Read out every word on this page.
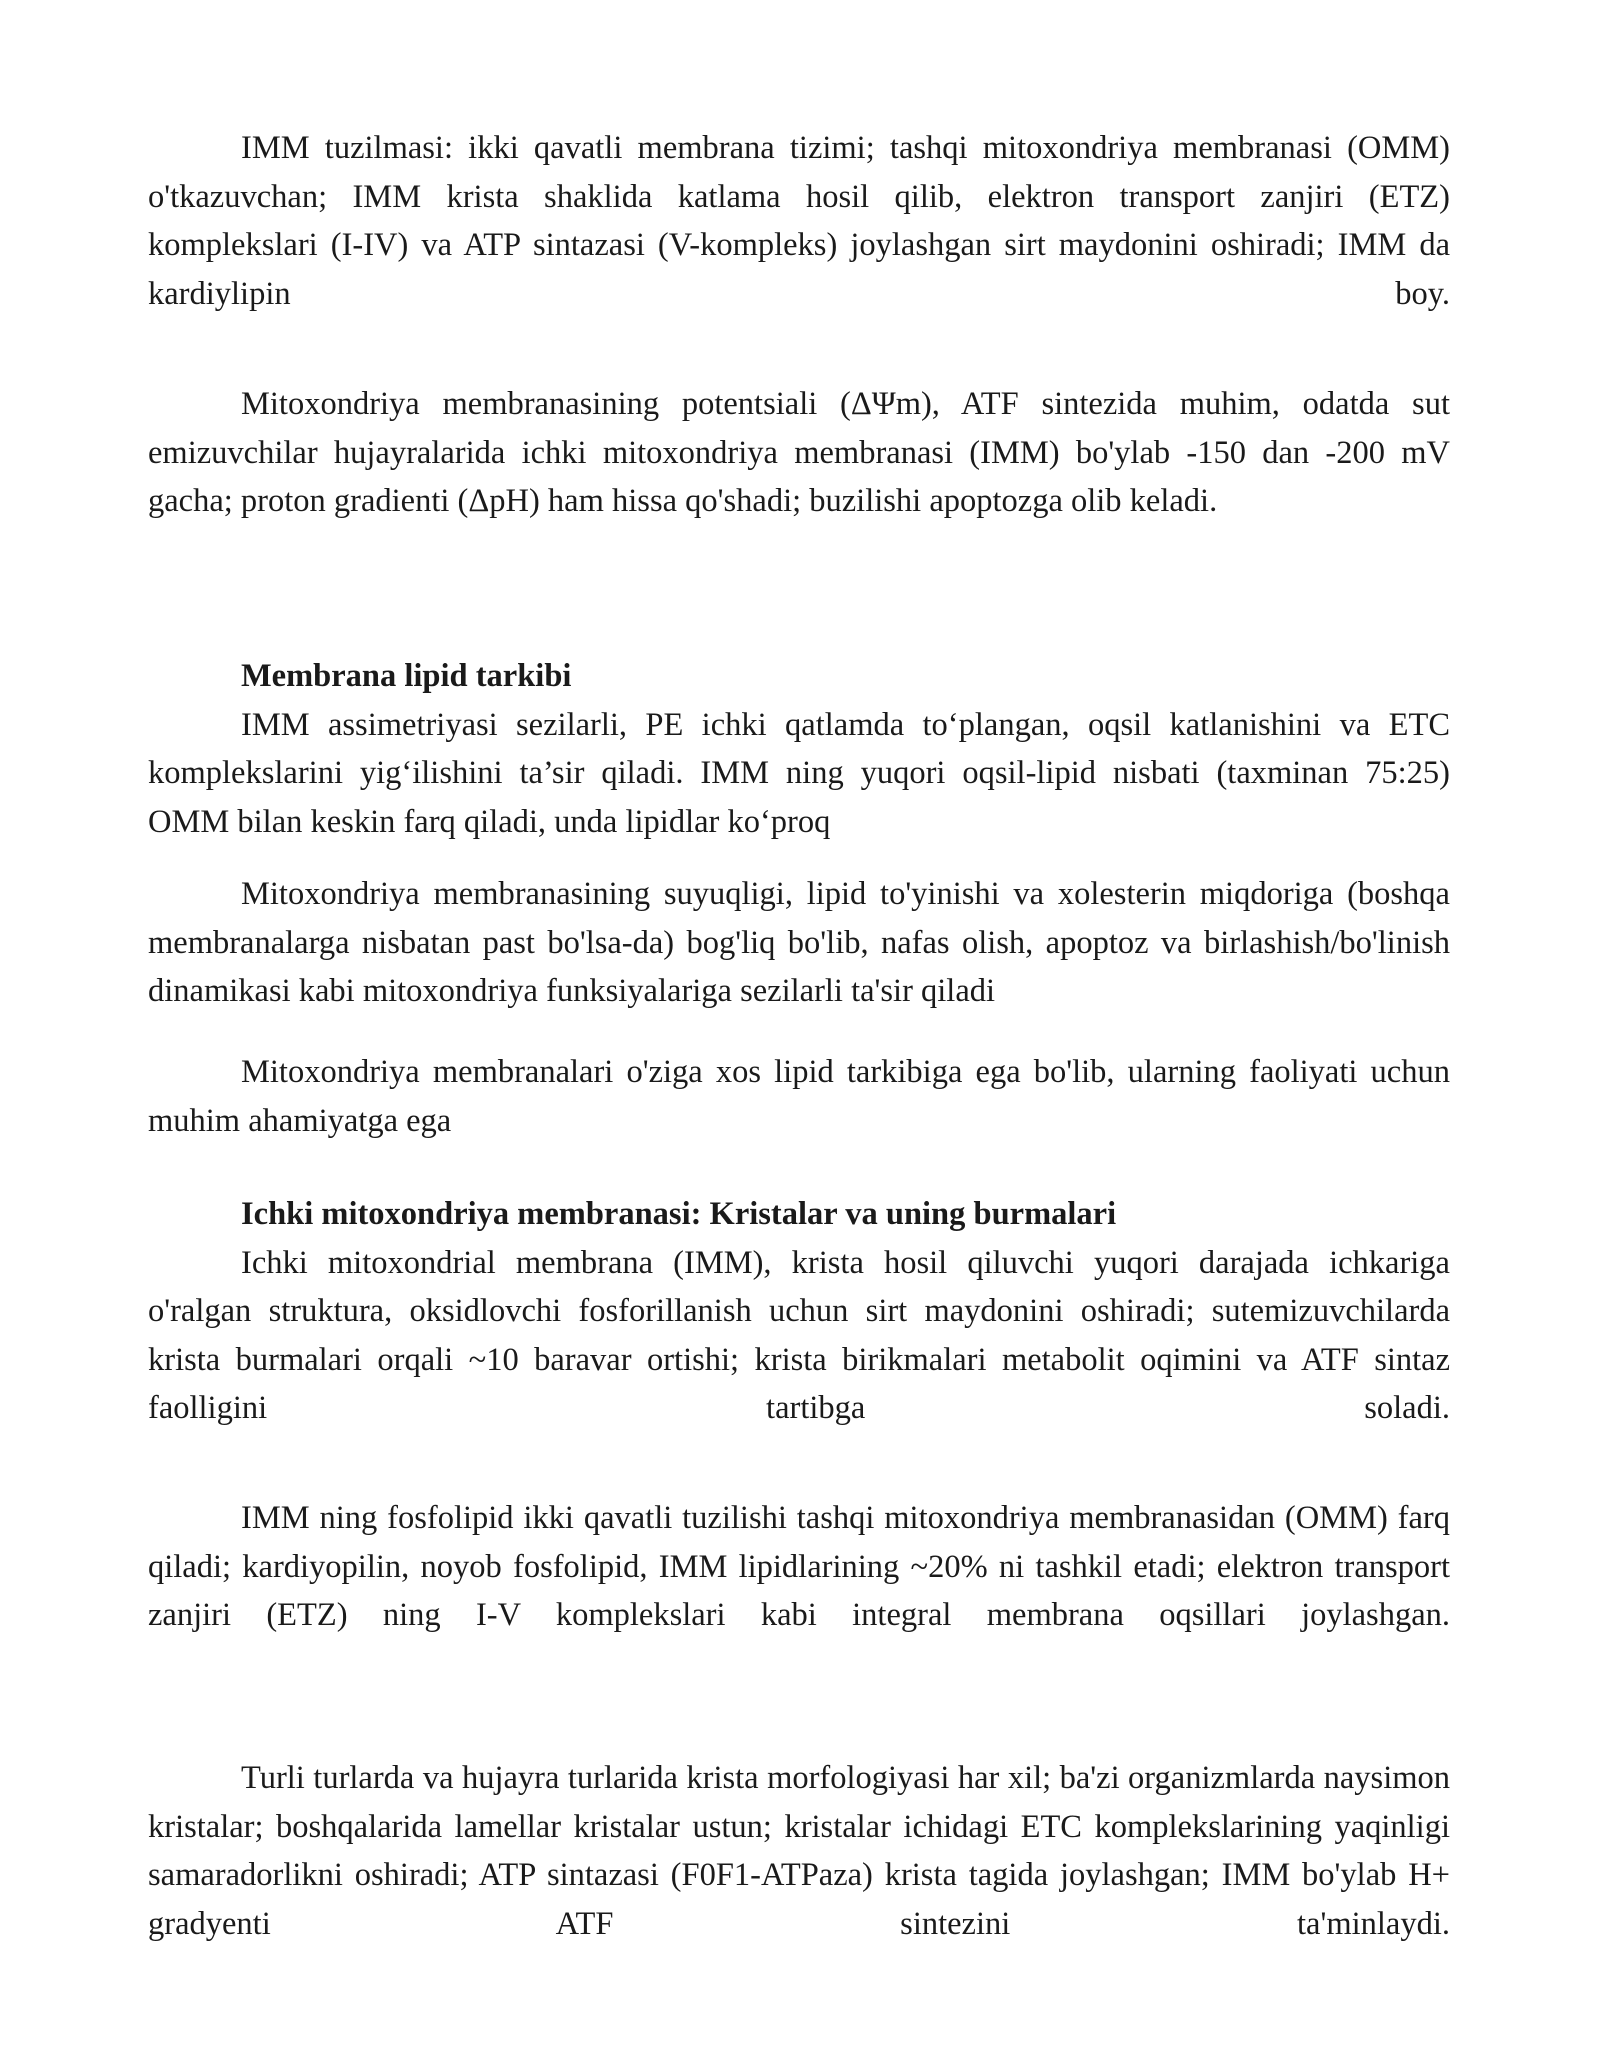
IMM tuzilmasi: ikki qavatli membrana tizimi; tashqi mitoxondriya membranasi (OMM) o'tkazuvchan; IMM krista shaklida katlama hosil qilib, elektron transport zanjiri (ETZ) komplekslari (I-IV) va ATP sintazasi (V-kompleks) joylashgan sirt maydonini oshiradi; IMM da kardiylipin boy.

Mitoxondriya membranasining potentsiali (ΔΨm), ATF sintezida muhim, odatda sut emizuvchilar hujayralarida ichki mitoxondriya membranasi (IMM) bo'ylab -150 dan -200 mV gacha; proton gradienti (ΔpH) ham hissa qo'shadi; buzilishi apoptozga olib keladi.

Membrana lipid tarkibi

IMM assimetriyasi sezilarli, PE ichki qatlamda to‘plangan, oqsil katlanishini va ETC komplekslarini yig‘ilishini ta’sir qiladi. IMM ning yuqori oqsil-lipid nisbati (taxminan 75:25) OMM bilan keskin farq qiladi, unda lipidlar ko‘proq

Mitoxondriya membranasining suyuqligi, lipid to'yinishi va xolesterin miqdoriga (boshqa membranalarga nisbatan past bo'lsa-da) bog'liq bo'lib, nafas olish, apoptoz va birlashish/bo'linish dinamikasi kabi mitoxondriya funksiyalariga sezilarli ta'sir qiladi

Mitoxondriya membranalari o'ziga xos lipid tarkibiga ega bo'lib, ularning faoliyati uchun muhim ahamiyatga ega

Ichki mitoxondriya membranasi: Kristalar va uning burmalari

Ichki mitoxondrial membrana (IMM), krista hosil qiluvchi yuqori darajada ichkariga o'ralgan struktura, oksidlovchi fosforillanish uchun sirt maydonini oshiradi; sutemizuvchilarda krista burmalari orqali ~10 baravar ortishi; krista birikmalari metabolit oqimini va ATF sintaz faolligini tartibga soladi.

IMM ning fosfolipid ikki qavatli tuzilishi tashqi mitoxondriya membranasidan (OMM) farq qiladi; kardiyopilin, noyob fosfolipid, IMM lipidlarining ~20% ni tashkil etadi; elektron transport zanjiri (ETZ) ning I-V komplekslari kabi integral membrana oqsillari joylashgan.

Turli turlarda va hujayra turlarida krista morfologiyasi har xil; ba'zi organizmlarda naysimon kristalar; boshqalarida lamellar kristalar ustun; kristalar ichidagi ETC komplekslarining yaqinligi samaradorlikni oshiradi; ATP sintazasi (F0F1-ATPaza) krista tagida joylashgan; IMM bo'ylab H+ gradyenti ATF sintezini ta'minlaydi.
